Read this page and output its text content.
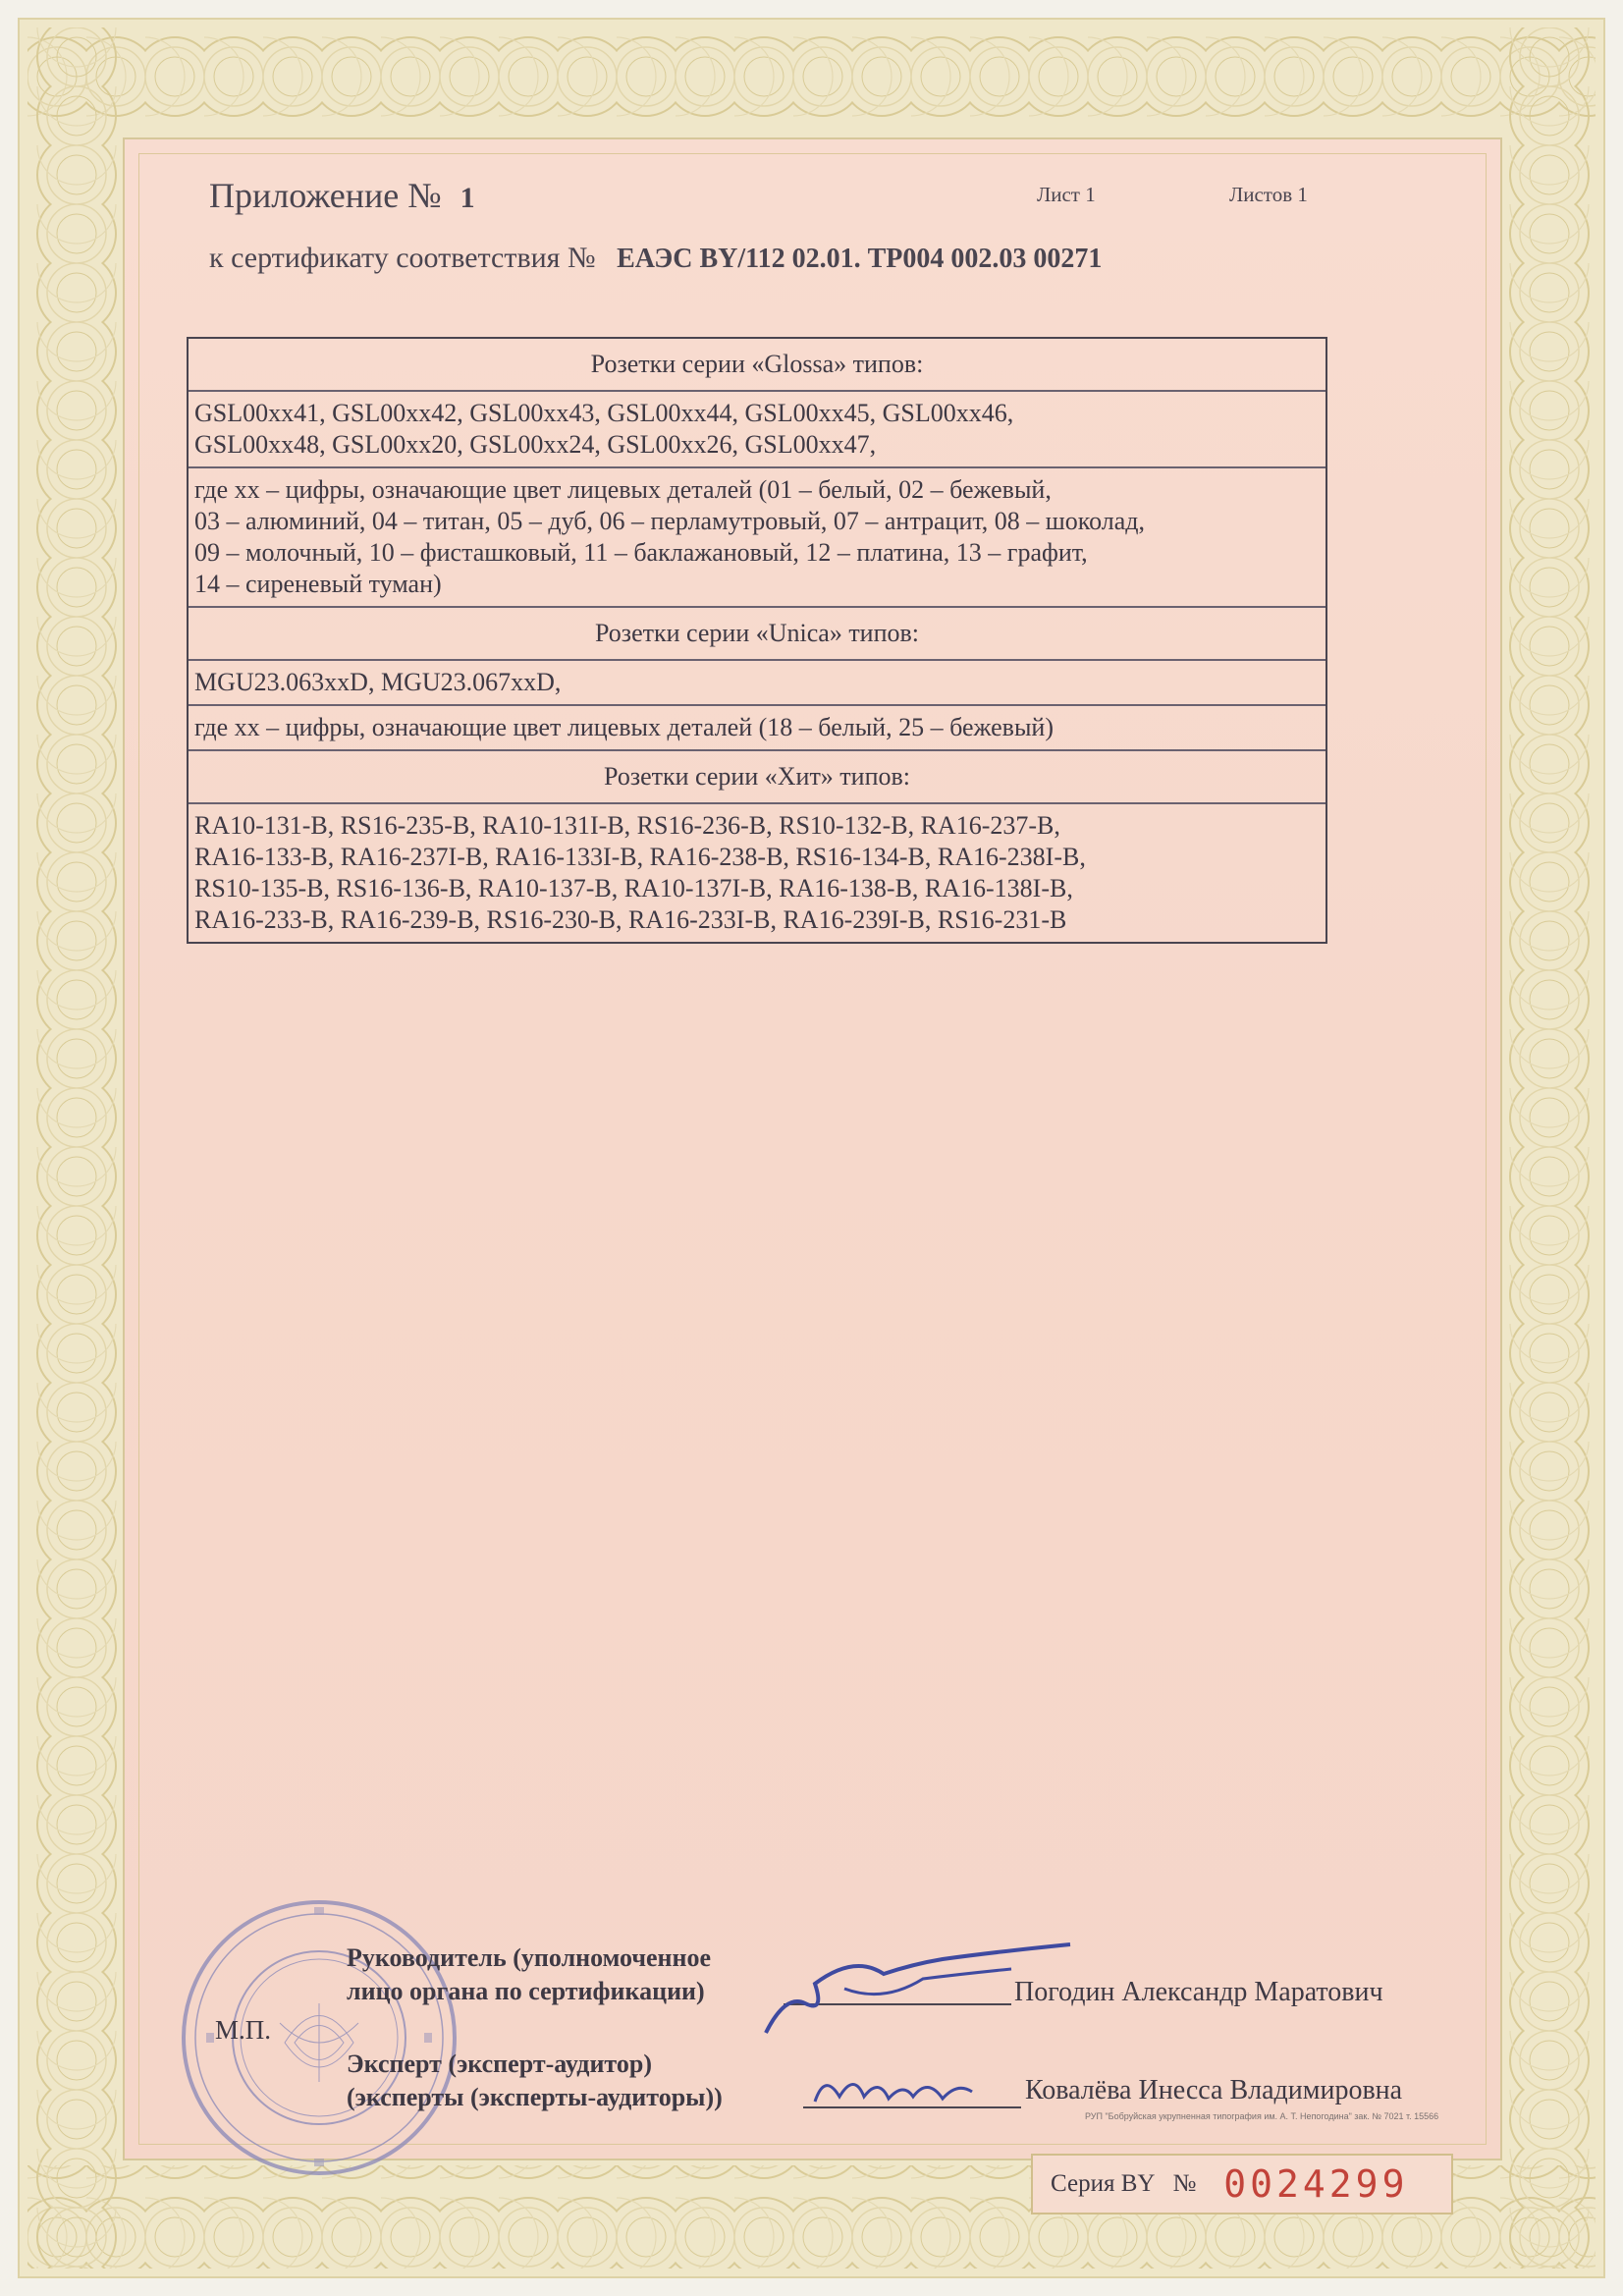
Приложение № 1	Лист 1	Листов 1
к сертификату соответствия № ЕАЭС BY/112 02.01. ТР004 002.03 00271
Розетки серии «Glossa» типов:
GSL00xx41, GSL00xx42, GSL00xx43, GSL00xx44, GSL00xx45, GSL00xx46,
GSL00xx48, GSL00xx20, GSL00xx24, GSL00xx26, GSL00xx47,
где хх – цифры, означающие цвет лицевых деталей (01 – белый, 02 – бежевый,
03 – алюминий, 04 – титан, 05 – дуб, 06 – перламутровый, 07 – антрацит, 08 – шоколад,
09 – молочный, 10 – фисташковый, 11 – баклажановый, 12 – платина, 13 – графит,
14 – сиреневый туман)
Розетки серии «Unica» типов:
MGU23.063xxD, MGU23.067xxD,
где хх – цифры, означающие цвет лицевых деталей (18 – белый, 25 – бежевый)
Розетки серии «Хит» типов:
RA10-131-B, RS16-235-B, RA10-131I-B, RS16-236-B, RS10-132-B, RA16-237-B,
RA16-133-B, RA16-237I-B, RA16-133I-B, RA16-238-B, RS16-134-B, RA16-238I-B,
RS10-135-B, RS16-136-B, RA10-137-B, RA10-137I-B, RA16-138-B, RA16-138I-B,
RA16-233-B, RA16-239-B, RS16-230-B, RA16-233I-B, RA16-239I-B, RS16-231-B
М.П.
Руководитель (уполномоченное
лицо органа по сертификации)	Погодин Александр Маратович
Эксперт (эксперт-аудитор)
(эксперты (эксперты-аудиторы))	Ковалёва Инесса Владимировна
РУП "Бобруйская укрупненная типография им. А. Т. Непогодина" зак. № 7021 т. 15566
Серия BY № 0024299
